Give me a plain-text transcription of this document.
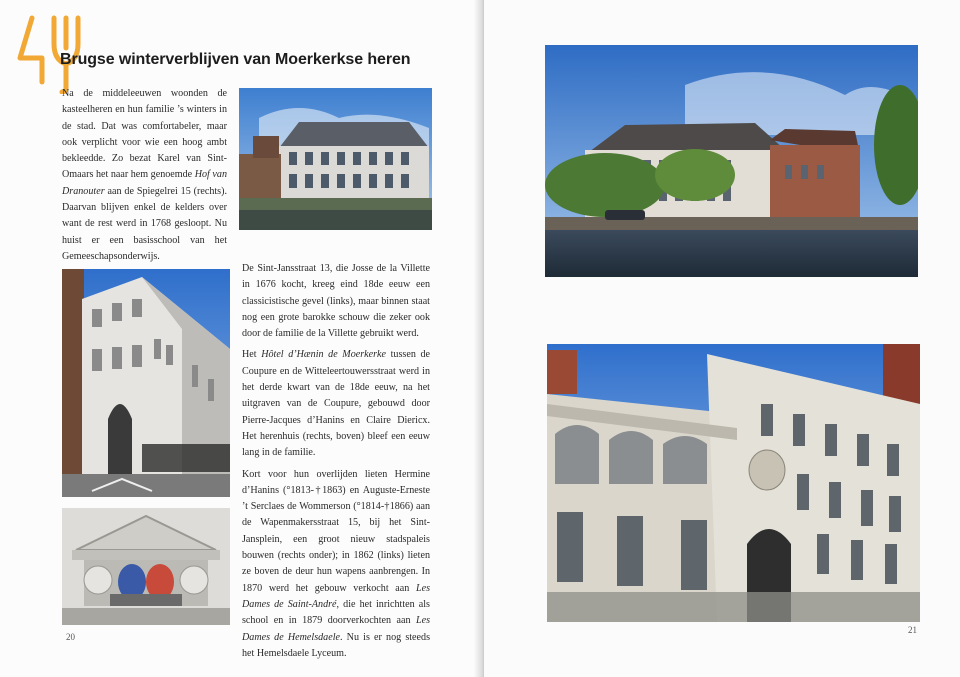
Brugse winterverblijven van Moerkerkse heren
Na de middeleeuwen woonden de kasteelheren en hun familie ’s winters in de stad. Dat was comfortabeler, maar ook verplicht voor wie een hoog ambt bekleedde. Zo bezat Karel van Sint-Omaars het naar hem genoemde Hof van Dranouter aan de Spiegelrei 15 (rechts). Daarvan blijven enkel de kelders over want de rest werd in 1768 gesloopt. Nu huist er een basisschool van het Gemeeschapsonderwijs.

De Sint-Jansstraat 13, die Josse de la Villette in 1676 kocht, kreeg eind 18de eeuw een classicistische gevel (links), maar binnen staat nog een grote barokke schouw die zeker ook door de familie de la Villette gebruikt werd.

Het Hôtel d’Hænin de Moerkerke tussen de Coupure en de Witteleertouwersstraat werd in het derde kwart van de 18de eeuw, na het uitgraven van de Coupure, gebouwd door Pierre-Jacques d’Hanins en Claire Diericx. Het herenhuis (rechts, boven) bleef een eeuw lang in de familie.

Kort voor hun overlijden lieten Hermine d’Hanins (°1813-†1863) en Auguste-Erneste ’t Serclaes de Wommerson (°1814-†1866) aan de Wapenmakersstraat 15, bij het Sint-Jansplein, een groot nieuw stadspaleis bouwen (rechts onder); in 1862 (links) lieten ze boven de deur hun wapens aanbrengen. In 1870 werd het gebouw verkocht aan Les Dames de Saint-André, die het inrichtten als school en in 1879 doorverkochten aan Les Dames de Hemelsdaele. Nu is er nog steeds het Hemelsdaele Lyceum.

20
21
